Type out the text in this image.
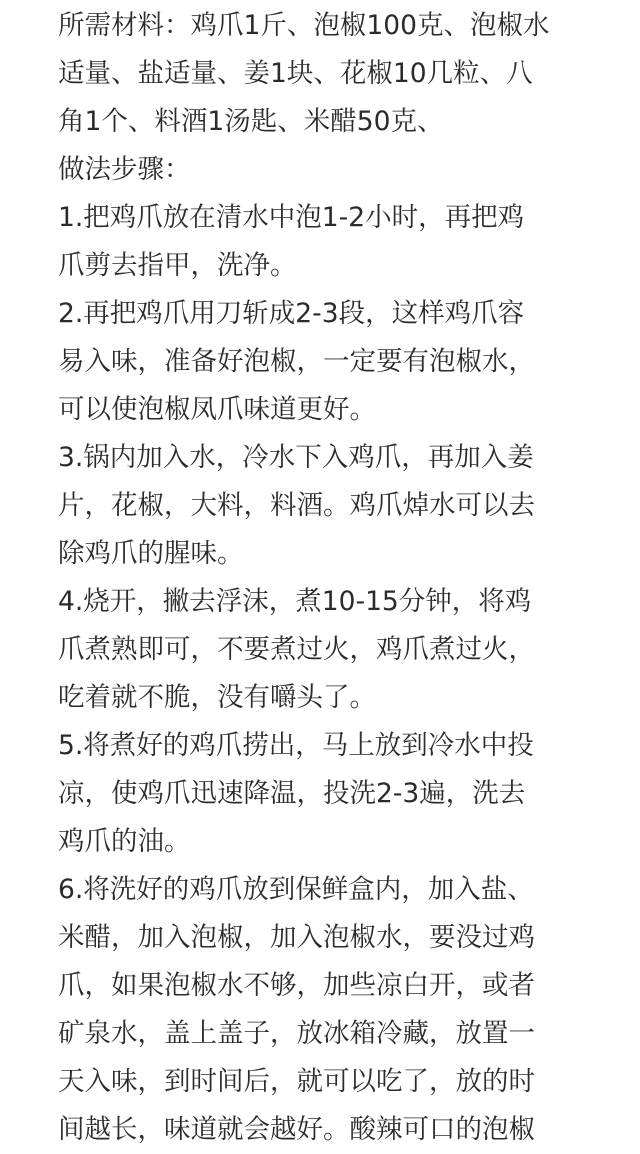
所需材料：鸡爪1斤、泡椒100克、泡椒水
适量、盐适量、姜1块、花椒10几粒、八
角1个、料酒1汤匙、米醋50克、
做法步骤：
1.把鸡爪放在清水中泡1-2小时，再把鸡
爪剪去指甲，洗净。
2.再把鸡爪用刀斩成2-3段，这样鸡爪容
易入味，准备好泡椒，一定要有泡椒水，
可以使泡椒凤爪味道更好。
3.锅内加入水，冷水下入鸡爪，再加入姜
片，花椒，大料，料酒。鸡爪焯水可以去
除鸡爪的腥味。
4.烧开，撇去浮沫，煮10-15分钟，将鸡
爪煮熟即可，不要煮过火，鸡爪煮过火，
吃着就不脆，没有嚼头了。
5.将煮好的鸡爪捞出，马上放到冷水中投
凉，使鸡爪迅速降温，投洗2-3遍，洗去
鸡爪的油。
6.将洗好的鸡爪放到保鲜盒内，加入盐、
米醋，加入泡椒，加入泡椒水，要没过鸡
爪，如果泡椒水不够，加些凉白开，或者
矿泉水，盖上盖子，放冰箱冷藏，放置一
天入味，到时间后，就可以吃了，放的时
间越长，味道就会越好。酸辣可口的泡椒
